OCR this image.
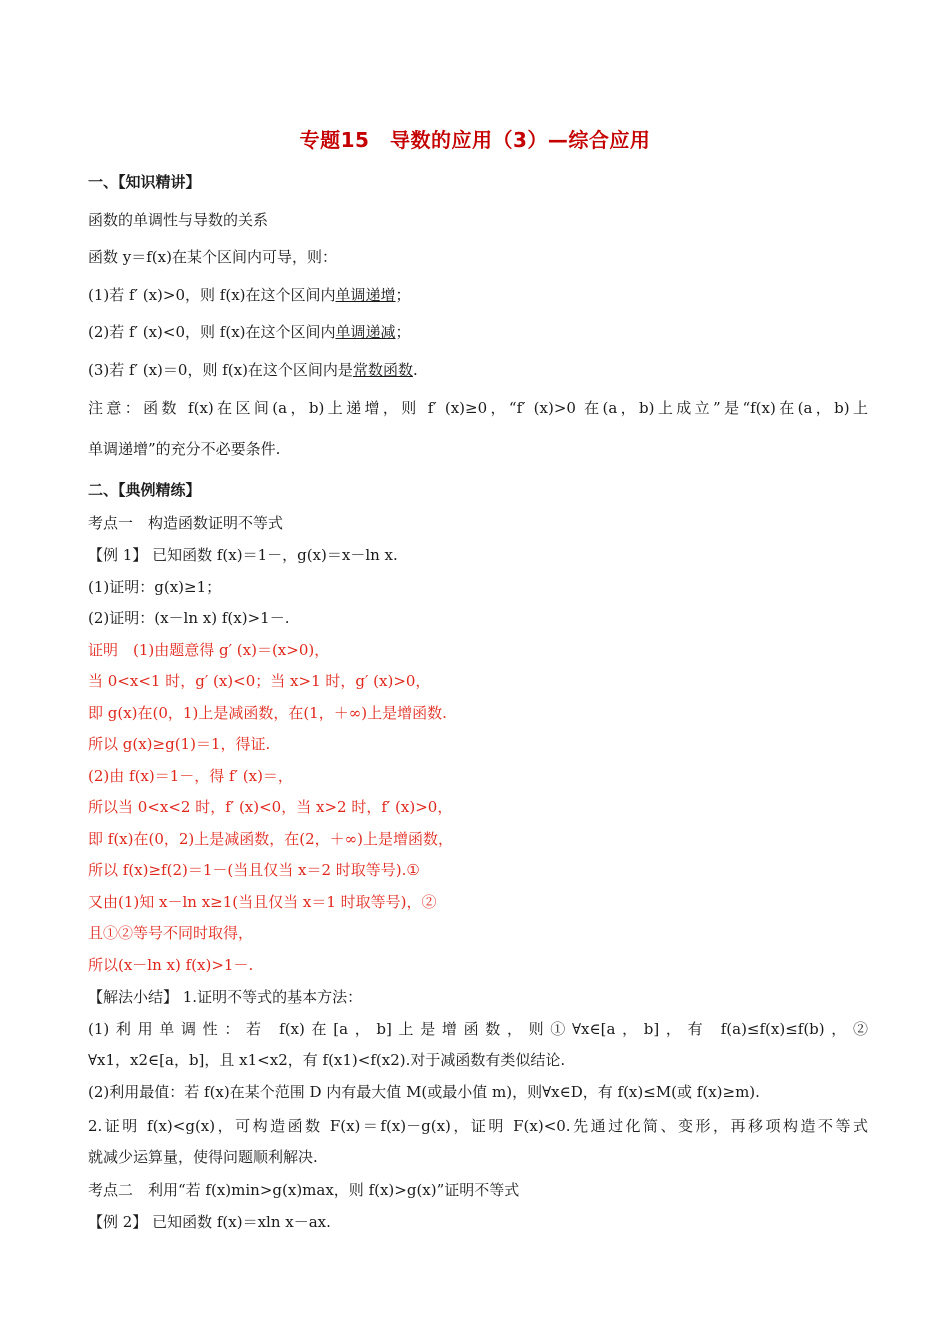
专题15　导数的应用（3）—综合应用
一、【知识精讲】
函数的单调性与导数的关系
函数 y＝f(x)在某个区间内可导，则：
(1)若 f′ (x)>0，则 f(x)在这个区间内单调递增；
(2)若 f′ (x)<0，则 f(x)在这个区间内单调递减；
(3)若 f′ (x)＝0，则 f(x)在这个区间内是常数函数.
注意：函数 f(x)在区间(a，b)上递增，则 f′ (x)≥0，“f′ (x)>0 在(a，b)上成立”是“f(x)在(a，b)上
单调递增”的充分不必要条件.
二、【典例精练】
考点一　构造函数证明不等式
【例 1】 已知函数 f(x)＝1－，g(x)＝x－ln x.
(1)证明：g(x)≥1；
(2)证明：(x－ln x) f(x)>1－.
证明　(1)由题意得 g′ (x)＝(x>0)，
当 0<x<1 时，g′ (x)<0；当 x>1 时，g′ (x)>0，
即 g(x)在(0，1)上是减函数，在(1，＋∞)上是增函数.
所以 g(x)≥g(1)＝1，得证.
(2)由 f(x)＝1－，得 f′ (x)＝，
所以当 0<x<2 时，f′ (x)<0，当 x>2 时，f′ (x)>0，
即 f(x)在(0，2)上是减函数，在(2，＋∞)上是增函数，
所以 f(x)≥f(2)＝1－(当且仅当 x＝2 时取等号).①
又由(1)知 x－ln x≥1(当且仅当 x＝1 时取等号)，②
且①②等号不同时取得，
所以(x－ln x) f(x)>1－.
【解法小结】 1.证明不等式的基本方法：
(1)利用单调性：若 f(x)在[a，b]上是增函数，则①∀x∈[a，b]，有 f(a)≤f(x)≤f(b)，②
∀x1，x2∈[a，b]，且 x1<x2，有 f(x1)<f(x2).对于减函数有类似结论.
(2)利用最值：若 f(x)在某个范围 D 内有最大值 M(或最小值 m)，则∀x∈D，有 f(x)≤M(或 f(x)≥m).
2.证明 f(x)<g(x)，可构造函数 F(x)＝f(x)－g(x)，证明 F(x)<0.先通过化简、变形，再移项构造不等式
就减少运算量，使得问题顺利解决.
考点二　利用“若 f(x)min>g(x)max，则 f(x)>g(x)”证明不等式
【例 2】 已知函数 f(x)＝xln x－ax.
